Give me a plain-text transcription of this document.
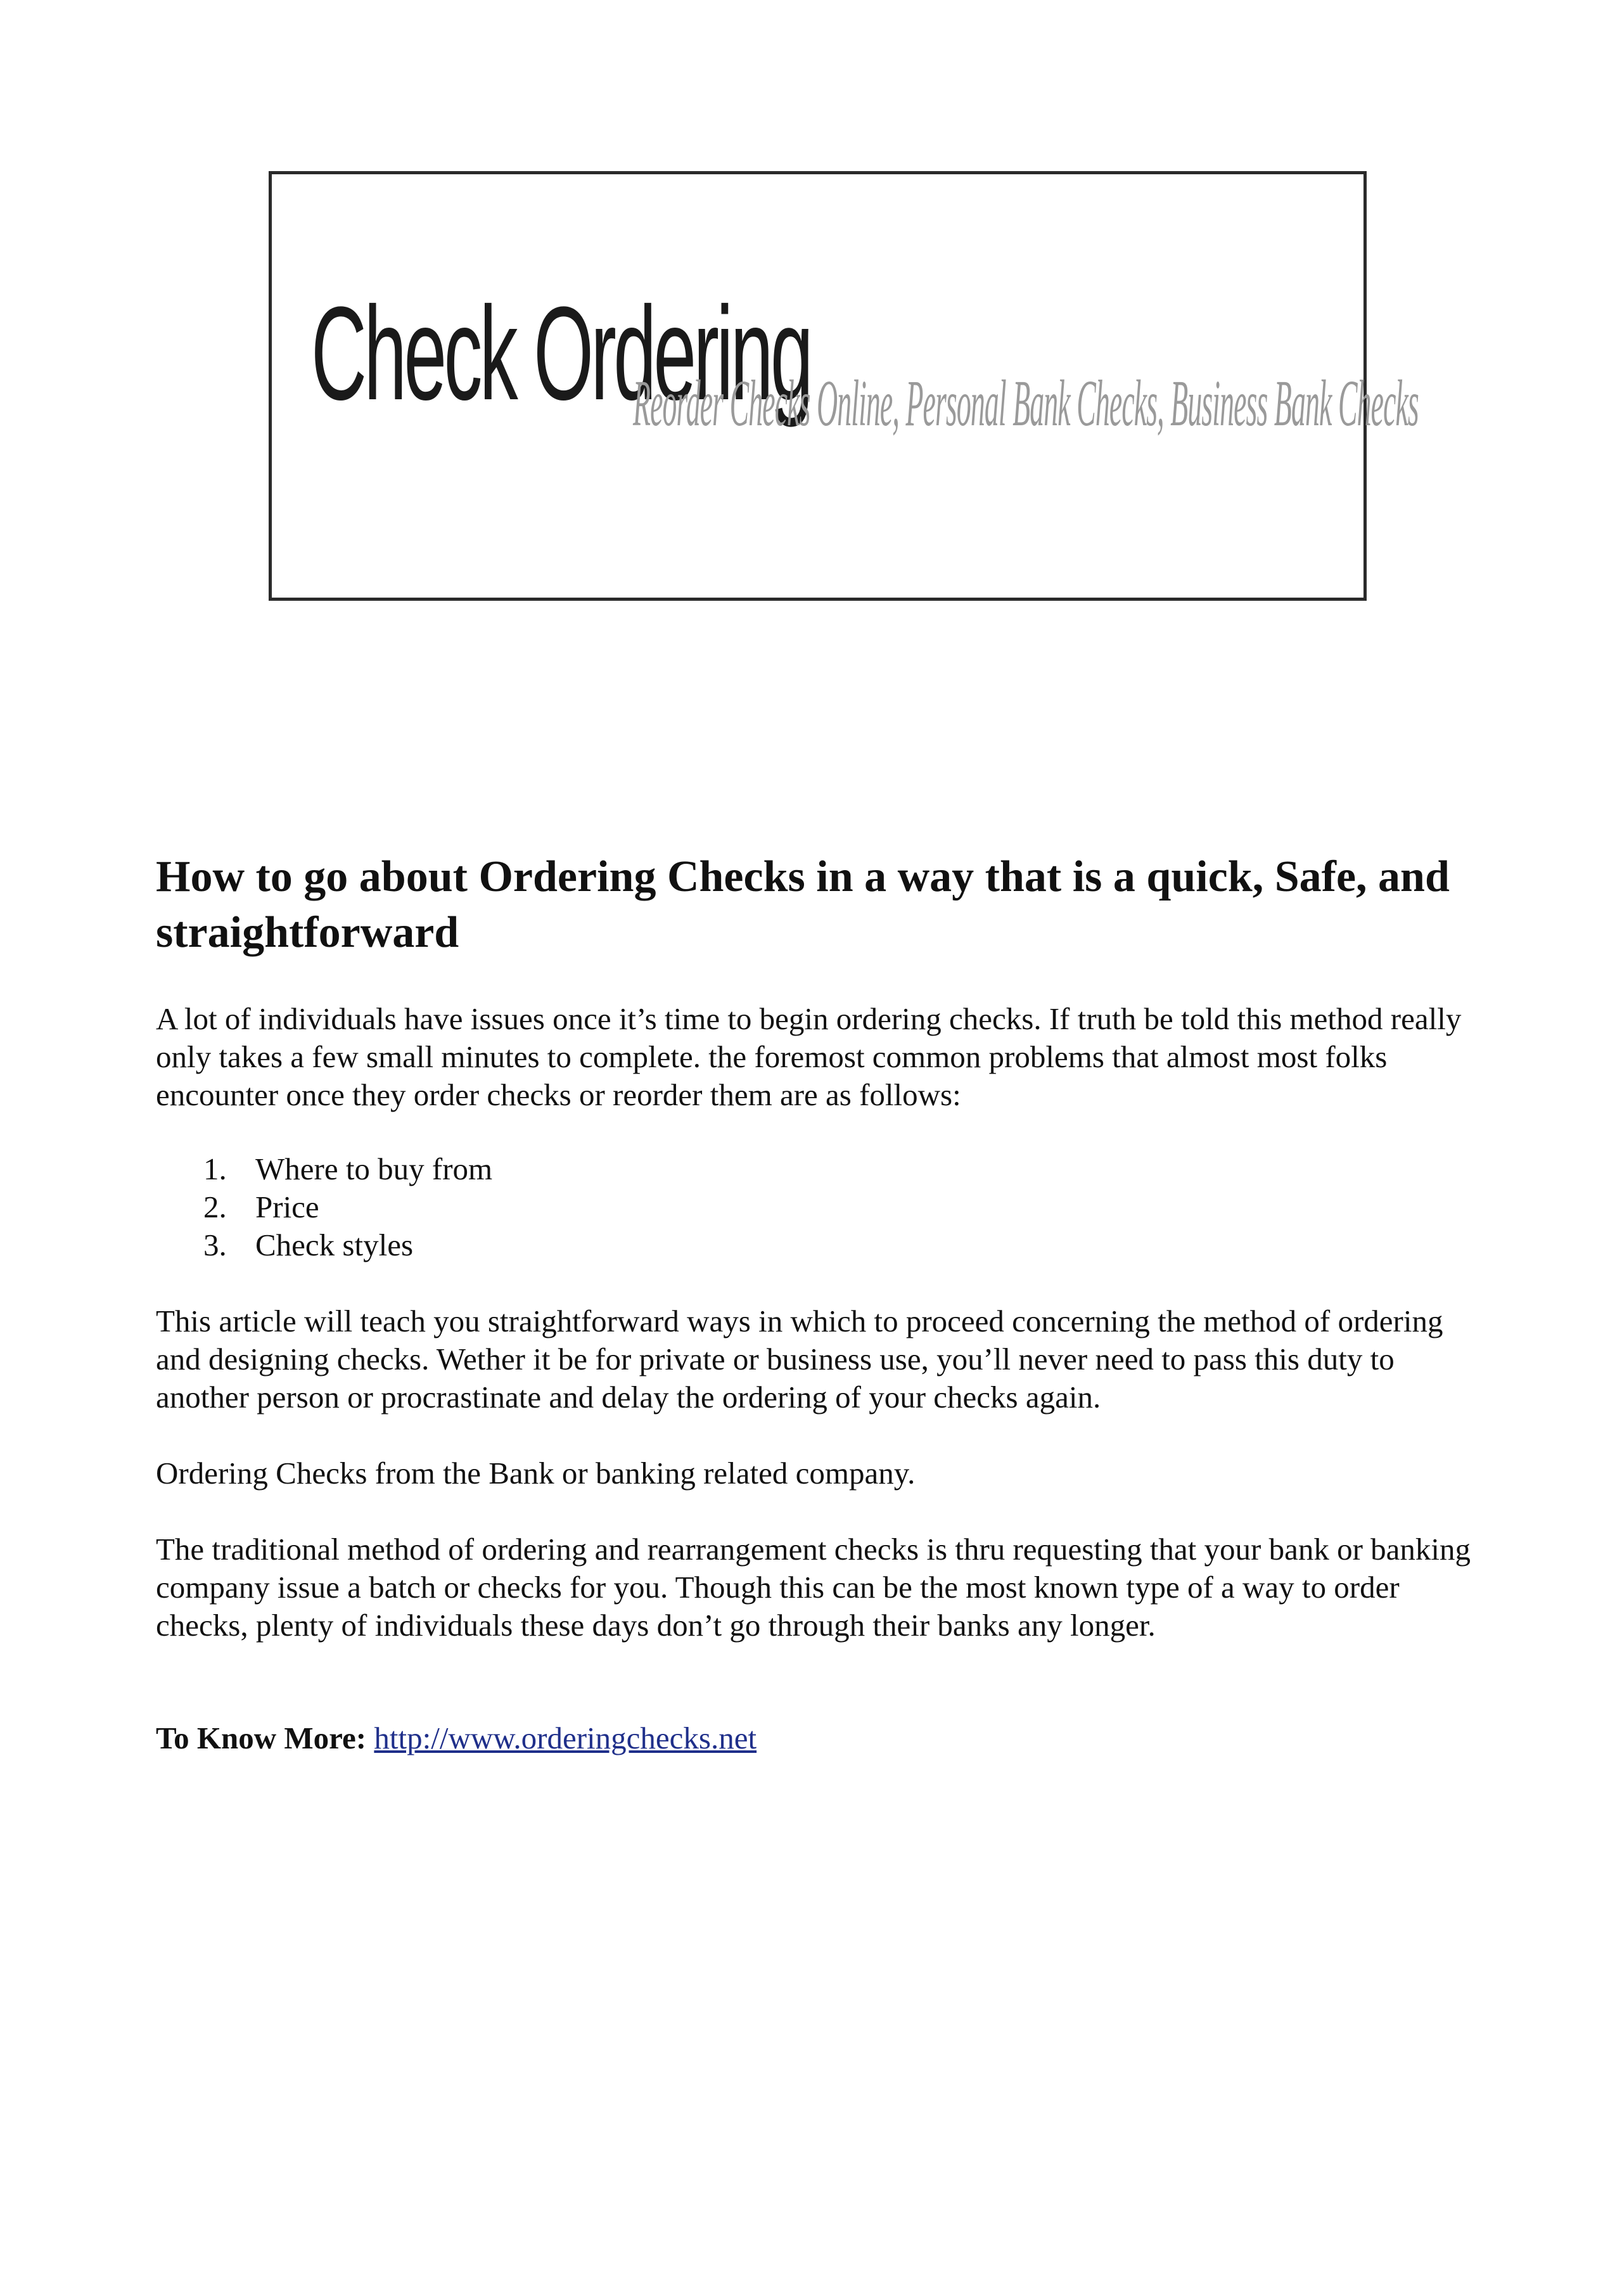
Check Ordering
Reorder Checks Online, Personal Bank Checks, Business Bank Checks
How to go about Ordering Checks in a way that is a quick, Safe, and straightforward

A lot of individuals have issues once it’s time to begin ordering checks. If truth be told this method really only takes a few small minutes to complete. the foremost common problems that almost most folks encounter once they order checks or reorder them are as follows:

1. Where to buy from
2. Price
3. Check styles

This article will teach you straightforward ways in which to proceed concerning the method of ordering and designing checks. Wether it be for private or business use, you’ll never need to pass this duty to another person or procrastinate and delay the ordering of your checks again.

Ordering Checks from the Bank or banking related company.

The traditional method of ordering and rearrangement checks is thru requesting that your bank or banking company issue a batch or checks for you. Though this can be the most known type of a way to order checks, plenty of individuals these days don’t go through their banks any longer.

To Know More: http://www.orderingchecks.net
